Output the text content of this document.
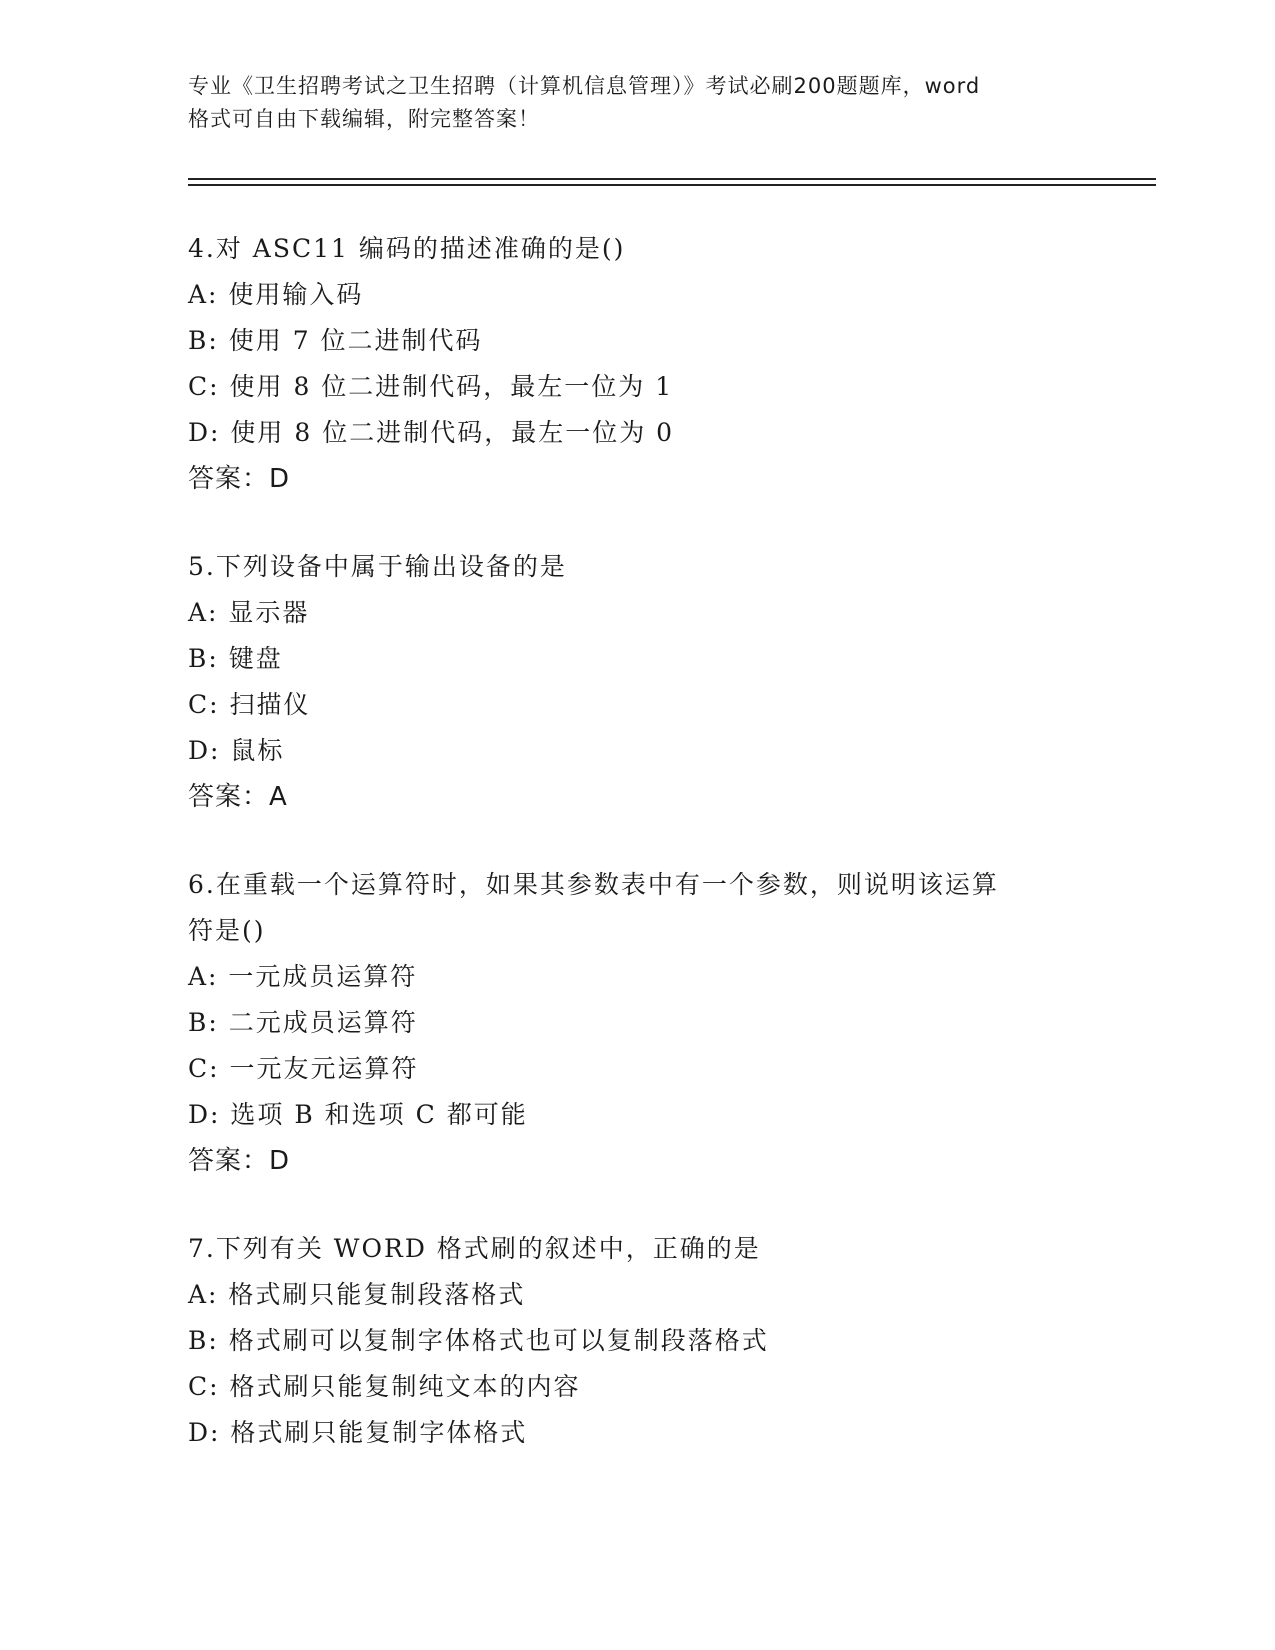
专业《卫生招聘考试之卫生招聘（计算机信息管理）》考试必刷200题题库，word
格式可自由下载编辑，附完整答案！
4.对 ASC11 编码的描述准确的是()
A: 使用输入码
B: 使用 7 位二进制代码
C: 使用 8 位二进制代码，最左一位为 1
D: 使用 8 位二进制代码，最左一位为 0
答案：D
5.下列设备中属于输出设备的是
A: 显示器
B: 键盘
C: 扫描仪
D: 鼠标
答案：A
6.在重载一个运算符时，如果其参数表中有一个参数，则说明该运算
符是()
A: 一元成员运算符
B: 二元成员运算符
C: 一元友元运算符
D: 选项 B 和选项 C 都可能
答案：D
7.下列有关 WORD 格式刷的叙述中，正确的是
A: 格式刷只能复制段落格式
B: 格式刷可以复制字体格式也可以复制段落格式
C: 格式刷只能复制纯文本的内容
D: 格式刷只能复制字体格式
